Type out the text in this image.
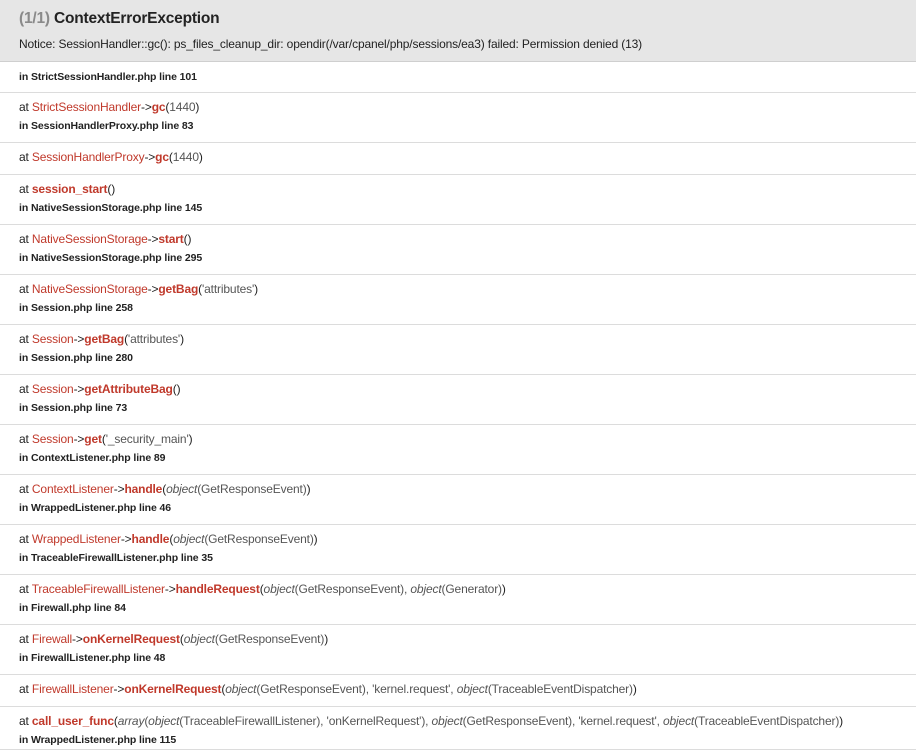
(1/1) ContextErrorException
Notice: SessionHandler::gc(): ps_files_cleanup_dir: opendir(/var/cpanel/php/sessions/ea3) failed: Permission denied (13)
in StrictSessionHandler.php line 101
at StrictSessionHandler->gc(1440)
in SessionHandlerProxy.php line 83
at SessionHandlerProxy->gc(1440)
at session_start()
in NativeSessionStorage.php line 145
at NativeSessionStorage->start()
in NativeSessionStorage.php line 295
at NativeSessionStorage->getBag('attributes')
in Session.php line 258
at Session->getBag('attributes')
in Session.php line 280
at Session->getAttributeBag()
in Session.php line 73
at Session->get('_security_main')
in ContextListener.php line 89
at ContextListener->handle(object(GetResponseEvent))
in WrappedListener.php line 46
at WrappedListener->handle(object(GetResponseEvent))
in TraceableFirewallListener.php line 35
at TraceableFirewallListener->handleRequest(object(GetResponseEvent), object(Generator))
in Firewall.php line 84
at Firewall->onKernelRequest(object(GetResponseEvent))
in FirewallListener.php line 48
at FirewallListener->onKernelRequest(object(GetResponseEvent), 'kernel.request', object(TraceableEventDispatcher))
at call_user_func(array(object(TraceableFirewallListener), 'onKernelRequest'), object(GetResponseEvent), 'kernel.request', object(TraceableEventDispatcher))
in WrappedListener.php line 115
